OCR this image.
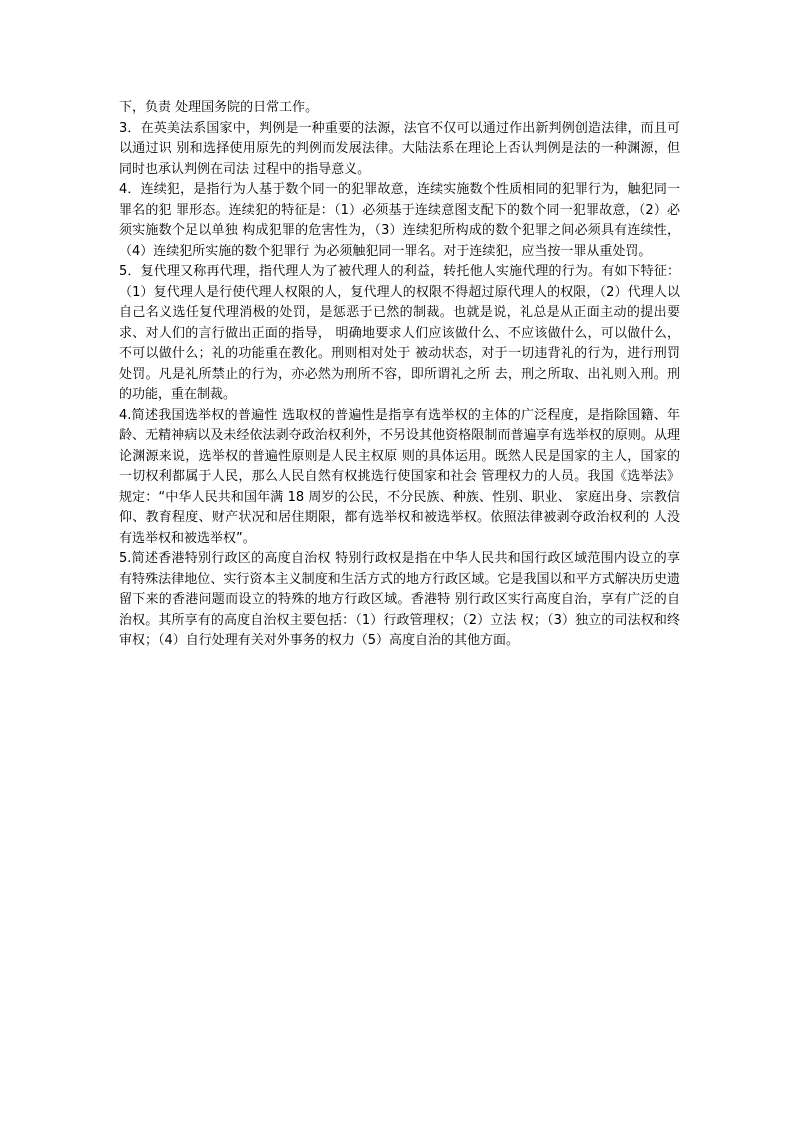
下，负责 处理国务院的日常工作。

3．在英美法系国家中，判例是一种重要的法源，法官不仅可以通过作出新判例创造法律，而且可以通过识 别和选择使用原先的判例而发展法律。大陆法系在理论上否认判例是法的一种渊源，但同时也承认判例在司法 过程中的指导意义。

4．连续犯，是指行为人基于数个同一的犯罪故意，连续实施数个性质相同的犯罪行为，触犯同一罪名的犯 罪形态。连续犯的特征是：（1）必须基于连续意图支配下的数个同一犯罪故意，（2）必须实施数个足以单独 构成犯罪的危害性为，（3）连续犯所构成的数个犯罪之间必须具有连续性，（4）连续犯所实施的数个犯罪行 为必须触犯同一罪名。对于连续犯，应当按一罪从重处罚。

5．复代理又称再代理，指代理人为了被代理人的利益，转托他人实施代理的行为。有如下特征：（1）复代理人是行使代理人权限的人，复代理人的权限不得超过原代理人的权限，（2）代理人以自己名义选任复代理消极的处罚，是惩恶于已然的制裁。也就是说，礼总是从正面主动的提出要求、对人们的言行做出正面的指导， 明确地要求人们应该做什么、不应该做什么，可以做什么，不可以做什么；礼的功能重在教化。刑则相对处于 被动状态，对于一切违背礼的行为，进行刑罚处罚。凡是礼所禁止的行为，亦必然为刑所不容，即所谓礼之所 去，刑之所取、出礼则入刑。刑的功能，重在制裁。

4.简述我国选举权的普遍性 选取权的普遍性是指享有选举权的主体的广泛程度，是指除国籍、年龄、无精神病以及未经依法剥夺政治权利外，不另设其他资格限制而普遍享有选举权的原则。从理论渊源来说，选举权的普遍性原则是人民主权原 则的具体运用。既然人民是国家的主人，国家的一切权利都属于人民，那么人民自然有权挑选行使国家和社会 管理权力的人员。我国《选举法》规定：“中华人民共和国年满 18 周岁的公民，不分民族、种族、性别、职业、 家庭出身、宗教信仰、教育程度、财产状况和居住期限，都有选举权和被选举权。依照法律被剥夺政治权利的 人没有选举权和被选举权”。

5.简述香港特别行政区的高度自治权 特别行政权是指在中华人民共和国行政区域范围内设立的享有特殊法律地位、实行资本主义制度和生活方式的地方行政区域。它是我国以和平方式解决历史遗留下来的香港问题而设立的特殊的地方行政区域。香港特 别行政区实行高度自治，享有广泛的自治权。其所享有的高度自治权主要包括：（1）行政管理权；（2）立法 权；（3）独立的司法权和终审权；（4）自行处理有关对外事务的权力（5）高度自治的其他方面。
